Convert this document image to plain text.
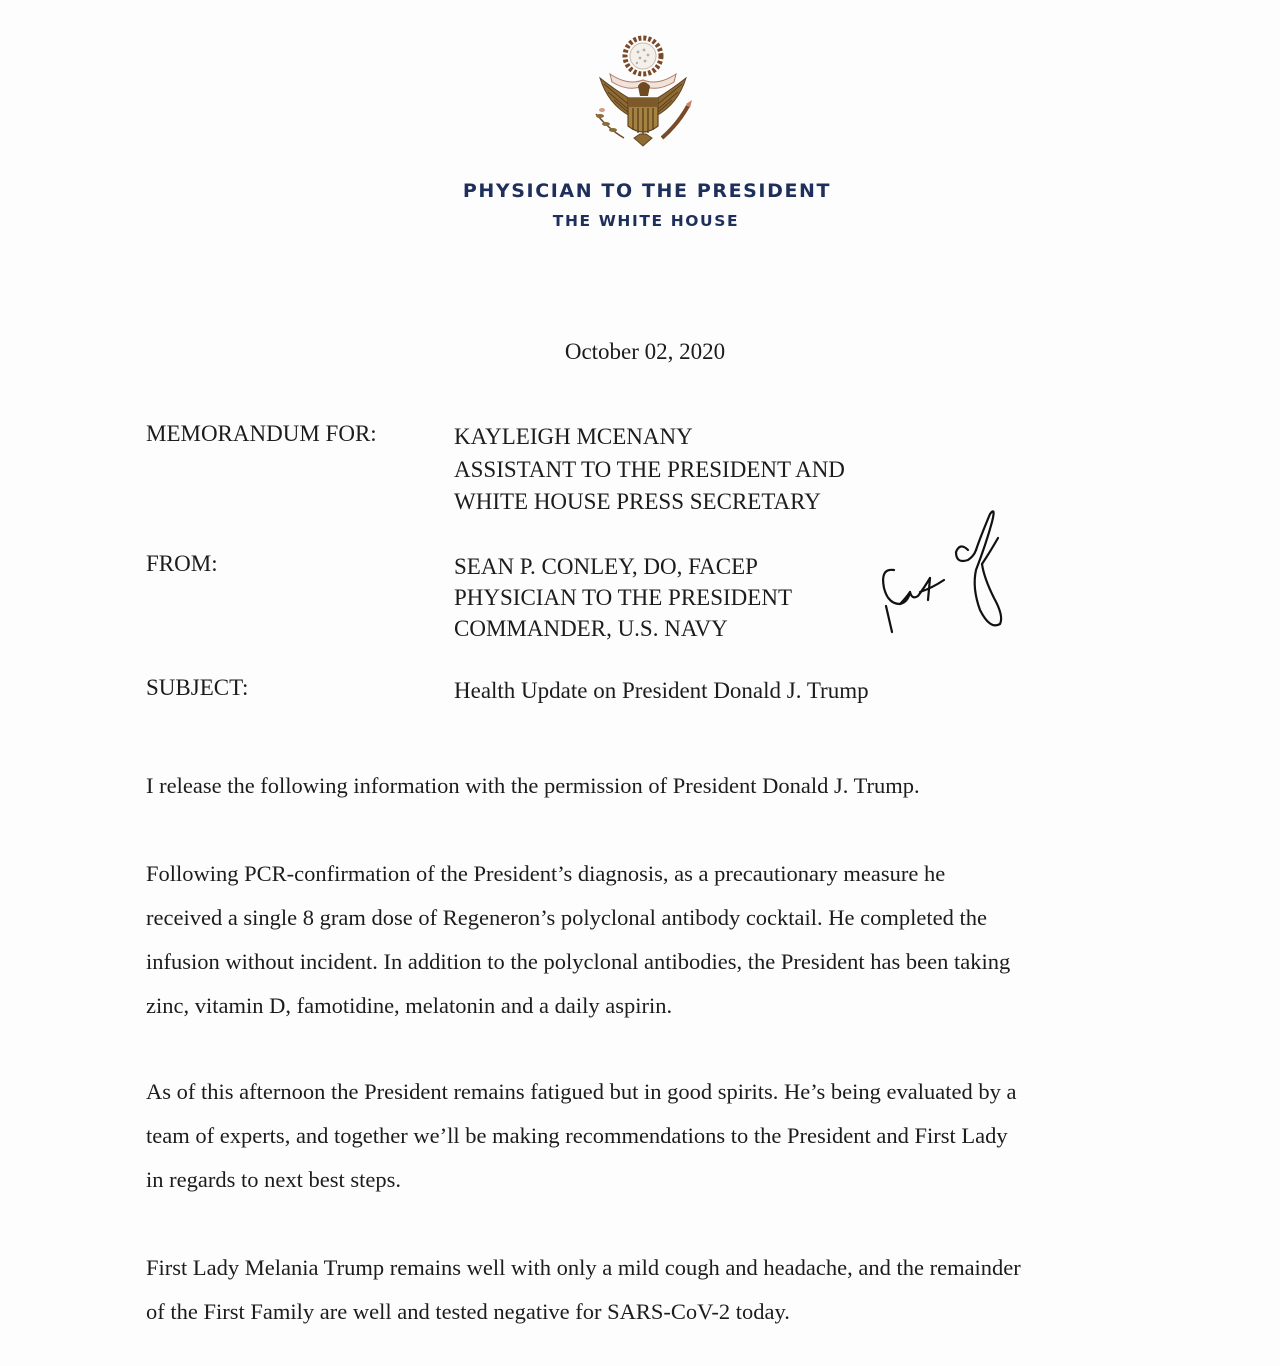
PHYSICIAN TO THE PRESIDENT
THE WHITE HOUSE
October 02, 2020
MEMORANDUM FOR:	KAYLEIGH MCENANY
ASSISTANT TO THE PRESIDENT AND
WHITE HOUSE PRESS SECRETARY
FROM:	SEAN P. CONLEY, DO, FACEP
PHYSICIAN TO THE PRESIDENT
COMMANDER, U.S. NAVY
SUBJECT:	Health Update on President Donald J. Trump
I release the following information with the permission of President Donald J. Trump.
Following PCR-confirmation of the President’s diagnosis, as a precautionary measure he
received a single 8 gram dose of Regeneron’s polyclonal antibody cocktail. He completed the
infusion without incident. In addition to the polyclonal antibodies, the President has been taking
zinc, vitamin D, famotidine, melatonin and a daily aspirin.
As of this afternoon the President remains fatigued but in good spirits. He’s being evaluated by a
team of experts, and together we’ll be making recommendations to the President and First Lady
in regards to next best steps.
First Lady Melania Trump remains well with only a mild cough and headache, and the remainder
of the First Family are well and tested negative for SARS-CoV-2 today.
